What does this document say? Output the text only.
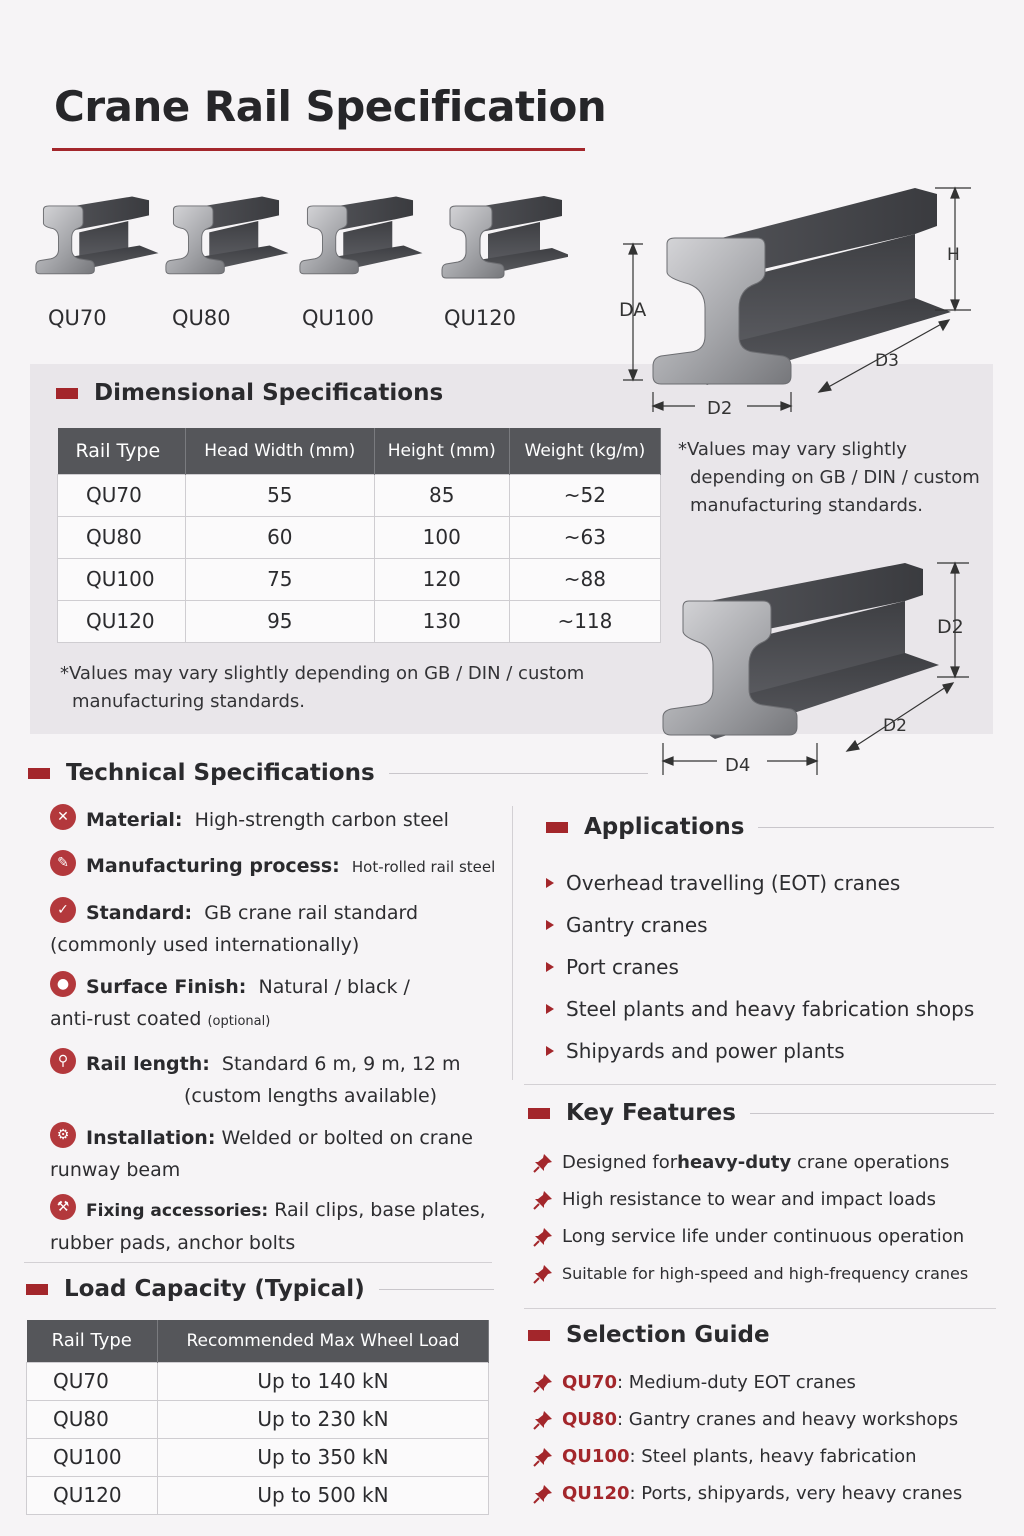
Crane Rail Specification
QU70	QU80	QU100	QU120	DA
H
D3
D2
Dimensional Specifications
Rail Type	Head Width (mm)	Height (mm)	Weight (kg/m)
QU70	55	85	~52
QU80	60	100	~63
QU100	75	120	~88
QU120	95	130	~118
*Values may vary slightly depending on GB / DIN / custom manufacturing standards.
*Values may vary slightly depending on GB / DIN / custom manufacturing standards.
D2
D2
D4
Technical Specifications
✕ Material: High-strength carbon steel
✎ Manufacturing process: Hot-rolled rail steel
✓ Standard: GB crane rail standard
(commonly used internationally)
● Surface Finish: Natural / black /
anti-rust coated (optional)
⚲ Rail length: Standard 6 m, 9 m, 12 m
(custom lengths available)
⚙ Installation: Welded or bolted on crane
runway beam
⚒ Fixing accessories: Rail clips, base plates,
rubber pads, anchor bolts
Load Capacity (Typical)
Rail Type	Recommended Max Wheel Load
QU70	Up to 140 kN
QU80	Up to 230 kN
QU100	Up to 350 kN
QU120	Up to 500 kN
Applications
Overhead travelling (EOT) cranes
Gantry cranes
Port cranes
Steel plants and heavy fabrication shops
Shipyards and power plants
Key Features
Designed for heavy-duty crane operations
High resistance to wear and impact loads
Long service life under continuous operation
Suitable for high-speed and high-frequency cranes
Selection Guide
QU70 : Medium-duty EOT cranes
QU80 : Gantry cranes and heavy workshops
QU100 : Steel plants, heavy fabrication
QU120 : Ports, shipyards, very heavy cranes
